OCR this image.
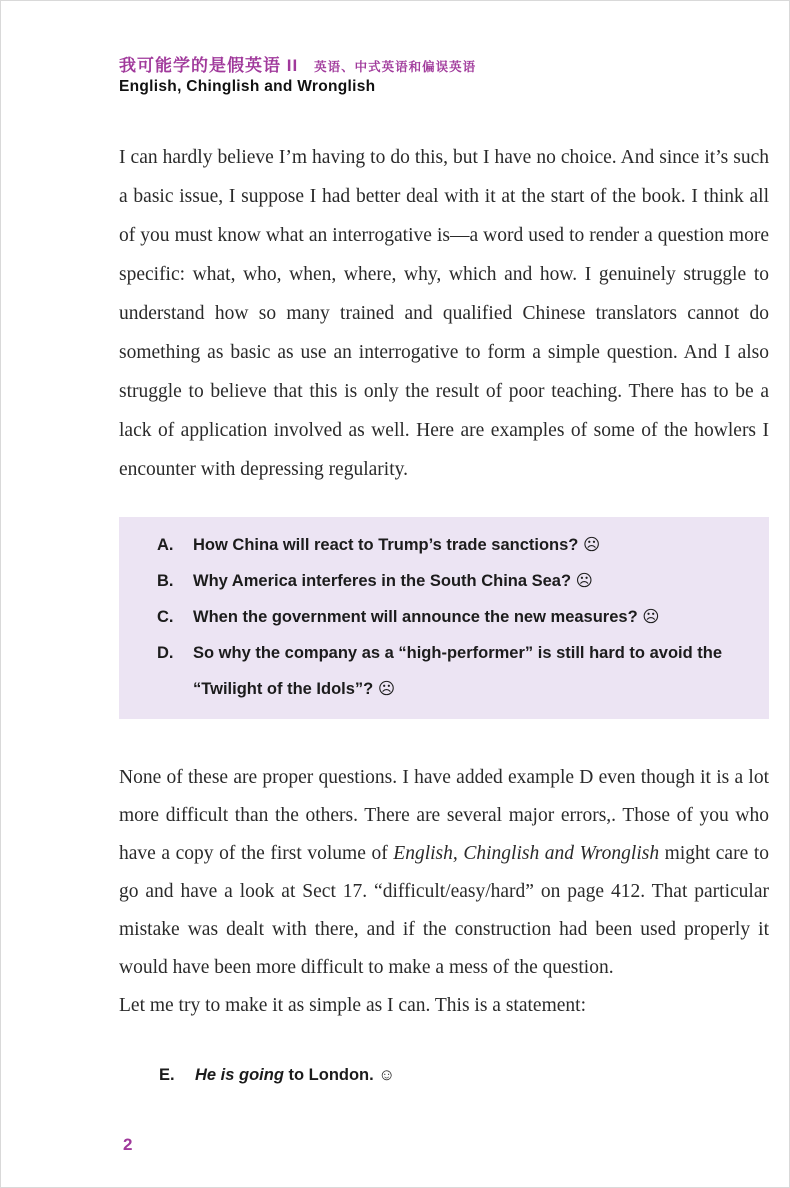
我可能学的是假英语 II 英语、中式英语和偏误英语
English, Chinglish and Wronglish

I can hardly believe I’m having to do this, but I have no choice. And since it’s such a basic issue, I suppose I had better deal with it at the start of the book. I think all of you must know what an interrogative is—a word used to render a question more specific: what, who, when, where, why, which and how. I genuinely struggle to understand how so many trained and qualified Chinese translators cannot do something as basic as use an interrogative to form a simple question. And I also struggle to believe that this is only the result of poor teaching. There has to be a lack of application involved as well. Here are examples of some of the howlers I encounter with depressing regularity.

A.	How China will react to Trump’s trade sanctions? ☹
B.	Why America interferes in the South China Sea? ☹
C.	When the government will announce the new measures? ☹
D.	So why the company as a “high-performer” is still hard to avoid the “Twilight of the Idols”? ☹

None of these are proper questions. I have added example D even though it is a lot more difficult than the others. There are several major errors,. Those of you who have a copy of the first volume of English, Chinglish and Wronglish might care to go and have a look at Sect 17. “difficult/easy/hard” on page 412. That particular mistake was dealt with there, and if the construction had been used properly it would have been more difficult to make a mess of the question.

Let me try to make it as simple as I can. This is a statement:

E.	He is going to London. ☺
2
